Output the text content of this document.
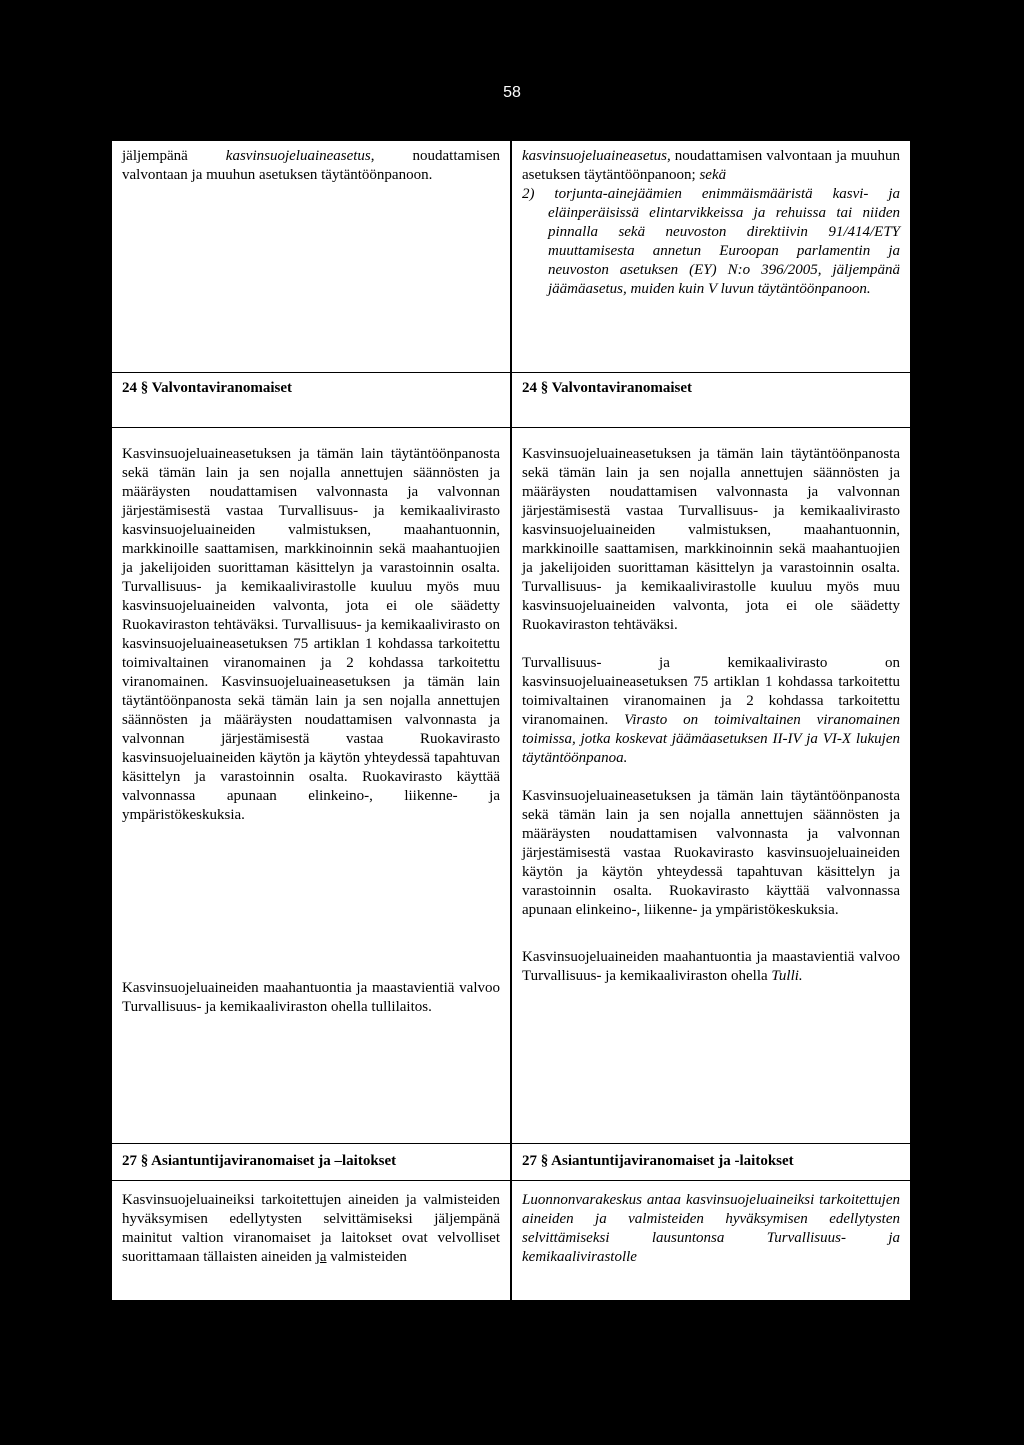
58

jäljempänä kasvinsuojeluaineasetus, noudattamisen valvontaan ja muuhun asetuksen täytäntöönpanoon.

kasvinsuojeluaineasetus, noudattamisen valvontaan ja muuhun asetuksen täytäntöönpanoon; sekä

2) torjunta-ainejäämien enimmäismääristä kasvi- ja eläinperäisissä elintarvikkeissa ja rehuissa tai niiden pinnalla sekä neuvoston direktiivin 91/414/ETY muuttamisesta annetun Euroopan parlamentin ja neuvoston asetuksen (EY) N:o 396/2005, jäljempänä jäämäasetus, muiden kuin V luvun täytäntöönpanoon.

24 § Valvontaviranomaiset	24 § Valvontaviranomaiset

Kasvinsuojeluaineasetuksen ja tämän lain täytäntöönpanosta sekä tämän lain ja sen nojalla annettujen säännösten ja määräysten noudattamisen valvonnasta ja valvonnan järjestämisestä vastaa Turvallisuus- ja kemikaalivirasto kasvinsuojeluaineiden valmistuksen, maahantuonnin, markkinoille saattamisen, markkinoinnin sekä maahantuojien ja jakelijoiden suorittaman käsittelyn ja varastoinnin osalta. Turvallisuus- ja kemikaalivirastolle kuuluu myös muu kasvinsuojeluaineiden valvonta, jota ei ole säädetty Ruokaviraston tehtäväksi. Turvallisuus- ja kemikaalivirasto on kasvinsuojeluaineasetuksen 75 artiklan 1 kohdassa tarkoitettu toimivaltainen viranomainen ja 2 kohdassa tarkoitettu viranomainen. Kasvinsuojeluaineasetuksen ja tämän lain täytäntöönpanosta sekä tämän lain ja sen nojalla annettujen säännösten ja määräysten noudattamisen valvonnasta ja valvonnan järjestämisestä vastaa Ruokavirasto kasvinsuojeluaineiden käytön ja käytön yhteydessä tapahtuvan käsittelyn ja varastoinnin osalta. Ruokavirasto käyttää valvonnassa apunaan elinkeino-, liikenne- ja ympäristökeskuksia.

Kasvinsuojeluaineiden maahantuontia ja maastavientiä valvoo Turvallisuus- ja kemikaaliviraston ohella tullilaitos.

Kasvinsuojeluaineasetuksen ja tämän lain täytäntöönpanosta sekä tämän lain ja sen nojalla annettujen säännösten ja määräysten noudattamisen valvonnasta ja valvonnan järjestämisestä vastaa Turvallisuus- ja kemikaalivirasto kasvinsuojeluaineiden valmistuksen, maahantuonnin, markkinoille saattamisen, markkinoinnin sekä maahantuojien ja jakelijoiden suorittaman käsittelyn ja varastoinnin osalta. Turvallisuus- ja kemikaalivirastolle kuuluu myös muu kasvinsuojeluaineiden valvonta, jota ei ole säädetty Ruokaviraston tehtäväksi.

Turvallisuus- ja kemikaalivirasto on kasvinsuojeluaineasetuksen 75 artiklan 1 kohdassa tarkoitettu toimivaltainen viranomainen ja 2 kohdassa tarkoitettu viranomainen. Virasto on toimivaltainen viranomainen toimissa, jotka koskevat jäämäasetuksen II-IV ja VI-X lukujen täytäntöönpanoa.

Kasvinsuojeluaineasetuksen ja tämän lain täytäntöönpanosta sekä tämän lain ja sen nojalla annettujen säännösten ja määräysten noudattamisen valvonnasta ja valvonnan järjestämisestä vastaa Ruokavirasto kasvinsuojeluaineiden käytön ja käytön yhteydessä tapahtuvan käsittelyn ja varastoinnin osalta. Ruokavirasto käyttää valvonnassa apunaan elinkeino-, liikenne- ja ympäristökeskuksia.

Kasvinsuojeluaineiden maahantuontia ja maastavientiä valvoo Turvallisuus- ja kemikaaliviraston ohella Tulli.

27 § Asiantuntijaviranomaiset ja –laitokset	27 § Asiantuntijaviranomaiset ja -laitokset

Kasvinsuojeluaineiksi tarkoitettujen aineiden ja valmisteiden hyväksymisen edellytysten selvittämiseksi jäljempänä mainitut valtion viranomaiset ja laitokset ovat velvolliset suorittamaan tällaisten aineiden ja valmisteiden

Luonnonvarakeskus antaa kasvinsuojeluaineiksi tarkoitettujen aineiden ja valmisteiden hyväksymisen edellytysten selvittämiseksi lausuntonsa Turvallisuus- ja kemikaalivirastolle
